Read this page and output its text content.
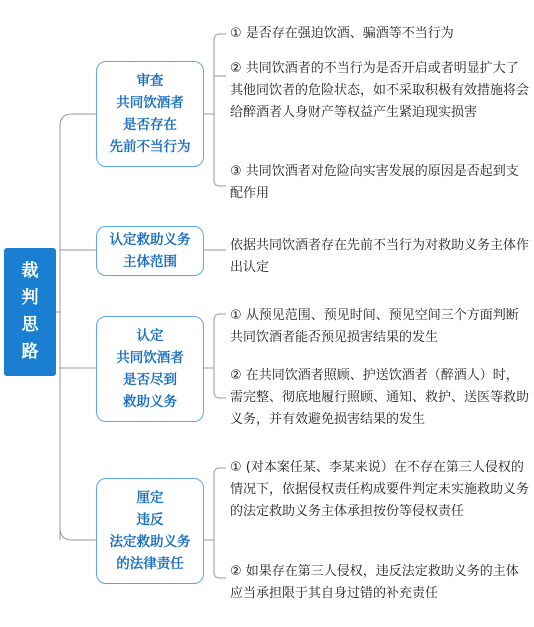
裁判思路
审查
共同饮酒者
是否存在
先前不当行为
认定救助义务
主体范围
认定
共同饮酒者
是否尽到
救助义务
厘定
违反
法定救助义务
的法律责任
① 是否存在强迫饮酒、骗酒等不当行为
② 共同饮酒者的不当行为是否开启或者明显扩大了其他同饮者的危险状态，如不采取积极有效措施将会给醉酒者人身财产等权益产生紧迫现实损害
③ 共同饮酒者对危险向实害发展的原因是否起到支配作用
依据共同饮酒者存在先前不当行为对救助义务主体作出认定
① 从预见范围、预见时间、预见空间三个方面判断共同饮酒者能否预见损害结果的发生
② 在共同饮酒者照顾、护送饮酒者（醉酒人）时，需完整、彻底地履行照顾、通知、救护、送医等救助义务，并有效避免损害结果的发生
① (对本案任某、李某来说）在不存在第三人侵权的情况下，依据侵权责任构成要件判定未实施救助义务的法定救助义务主体承担按份等侵权责任
② 如果存在第三人侵权，违反法定救助义务的主体应当承担限于其自身过错的补充责任
